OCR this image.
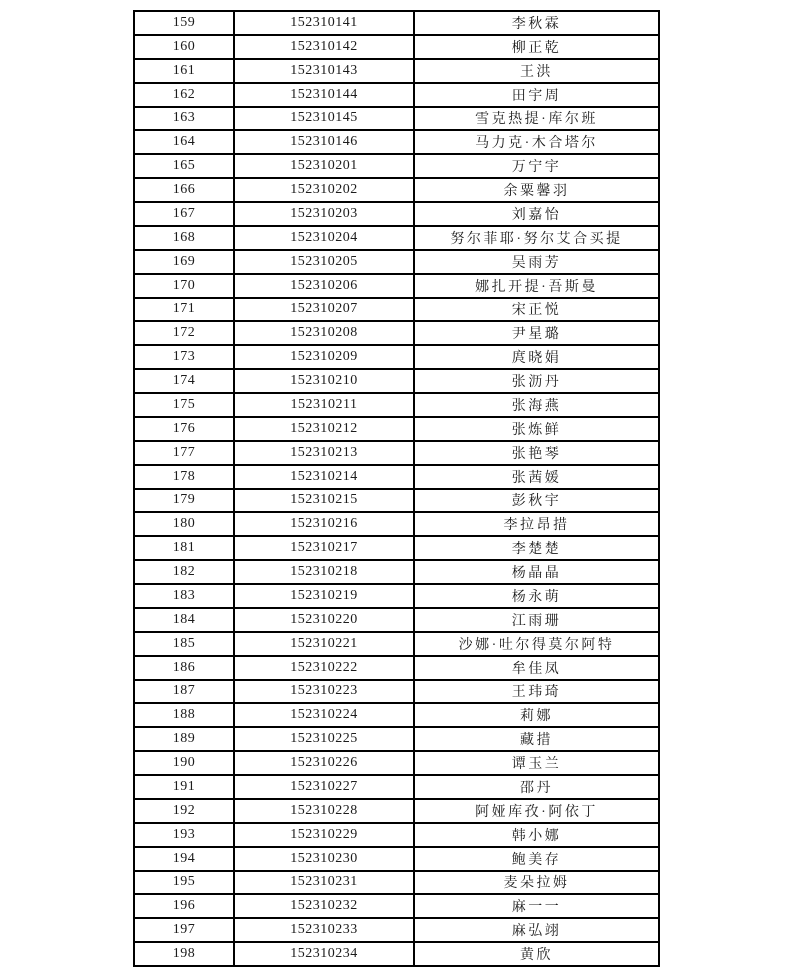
159	152310141	李秋霖
160	152310142	柳正乾
161	152310143	王洪
162	152310144	田宇周
163	152310145	雪克热提·库尔班
164	152310146	马力克·木合塔尔
165	152310201	万宁宇
166	152310202	余粟馨羽
167	152310203	刘嘉怡
168	152310204	努尔菲耶·努尔艾合买提
169	152310205	吴雨芳
170	152310206	娜扎开提·吾斯曼
171	152310207	宋正悦
172	152310208	尹星璐
173	152310209	庹晓娟
174	152310210	张沥丹
175	152310211	张海燕
176	152310212	张炼鲜
177	152310213	张艳琴
178	152310214	张茜媛
179	152310215	彭秋宇
180	152310216	李拉昂措
181	152310217	李楚楚
182	152310218	杨晶晶
183	152310219	杨永萌
184	152310220	江雨珊
185	152310221	沙娜·吐尔得莫尔阿特
186	152310222	牟佳凤
187	152310223	王玮琦
188	152310224	莉娜
189	152310225	藏措
190	152310226	谭玉兰
191	152310227	邵丹
192	152310228	阿娅库孜·阿依丁
193	152310229	韩小娜
194	152310230	鲍美存
195	152310231	麦朵拉姆
196	152310232	麻一一
197	152310233	麻弘翊
198	152310234	黄欣
